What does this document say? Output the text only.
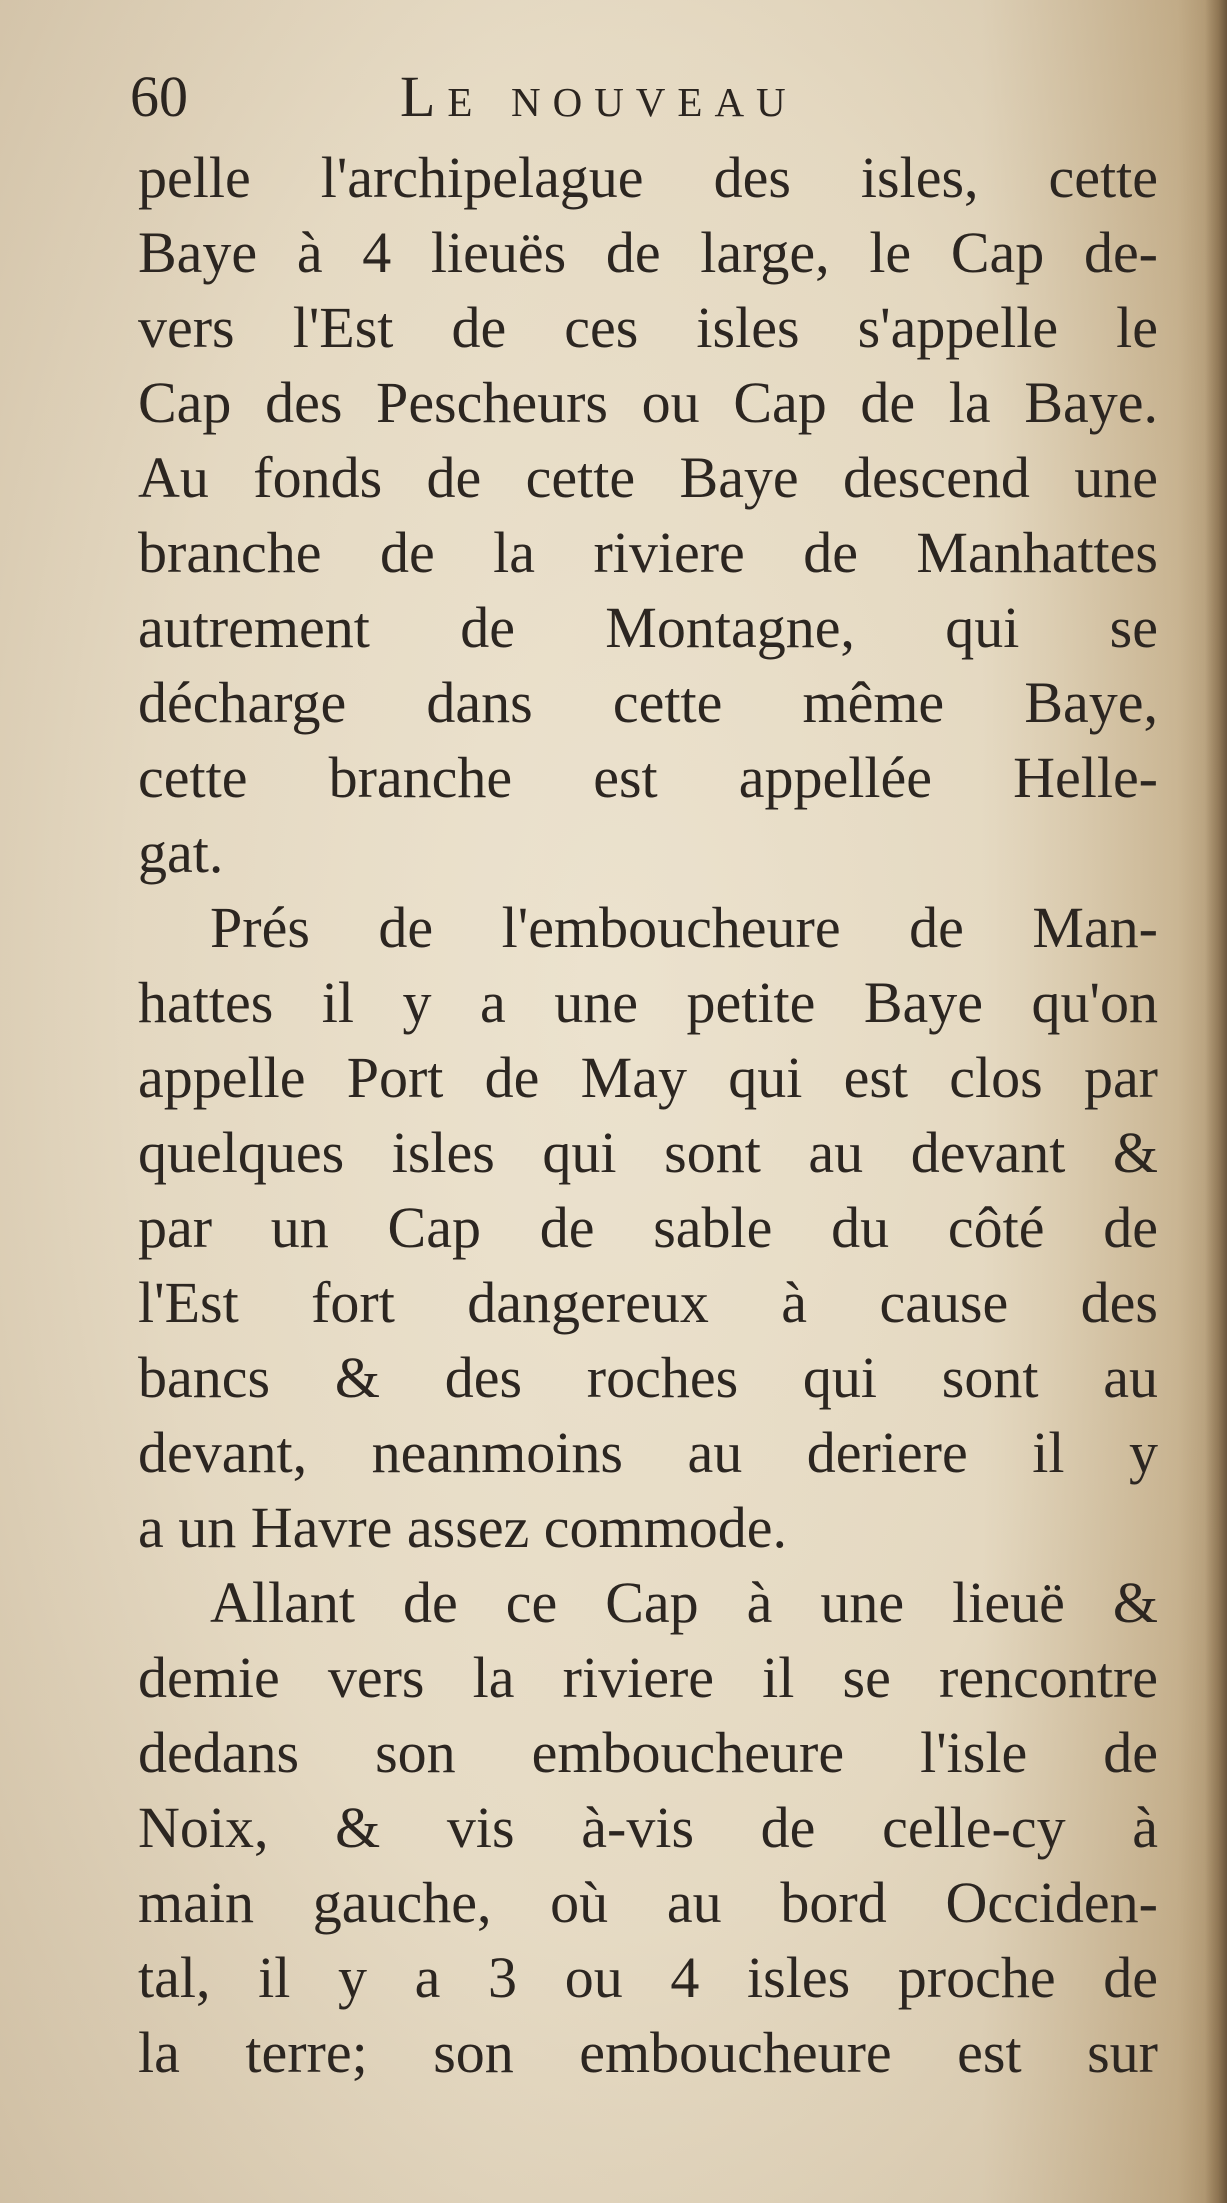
60	Le nouveau
pelle l'archipelague des isles, cette
Baye à 4 lieuës de large, le Cap de-
vers l'Est de ces isles s'appelle le
Cap des Pescheurs ou Cap de la Baye.
Au fonds de cette Baye descend une
branche de la riviere de Manhattes
autrement de Montagne, qui se
décharge dans cette même Baye,
cette branche est appellée Helle-
gat.
Prés de l'emboucheure de Man-
hattes il y a une petite Baye qu'on
appelle Port de May qui est clos par
quelques isles qui sont au devant &
par un Cap de sable du côté de
l'Est fort dangereux à cause des
bancs & des roches qui sont au
devant, neanmoins au deriere il y
a un Havre assez commode.
Allant de ce Cap à une lieuë &
demie vers la riviere il se rencontre
dedans son emboucheure l'isle de
Noix, & vis à-vis de celle-cy à
main gauche, où au bord Occiden-
tal, il y a 3 ou 4 isles proche de
la terre; son emboucheure est sur
